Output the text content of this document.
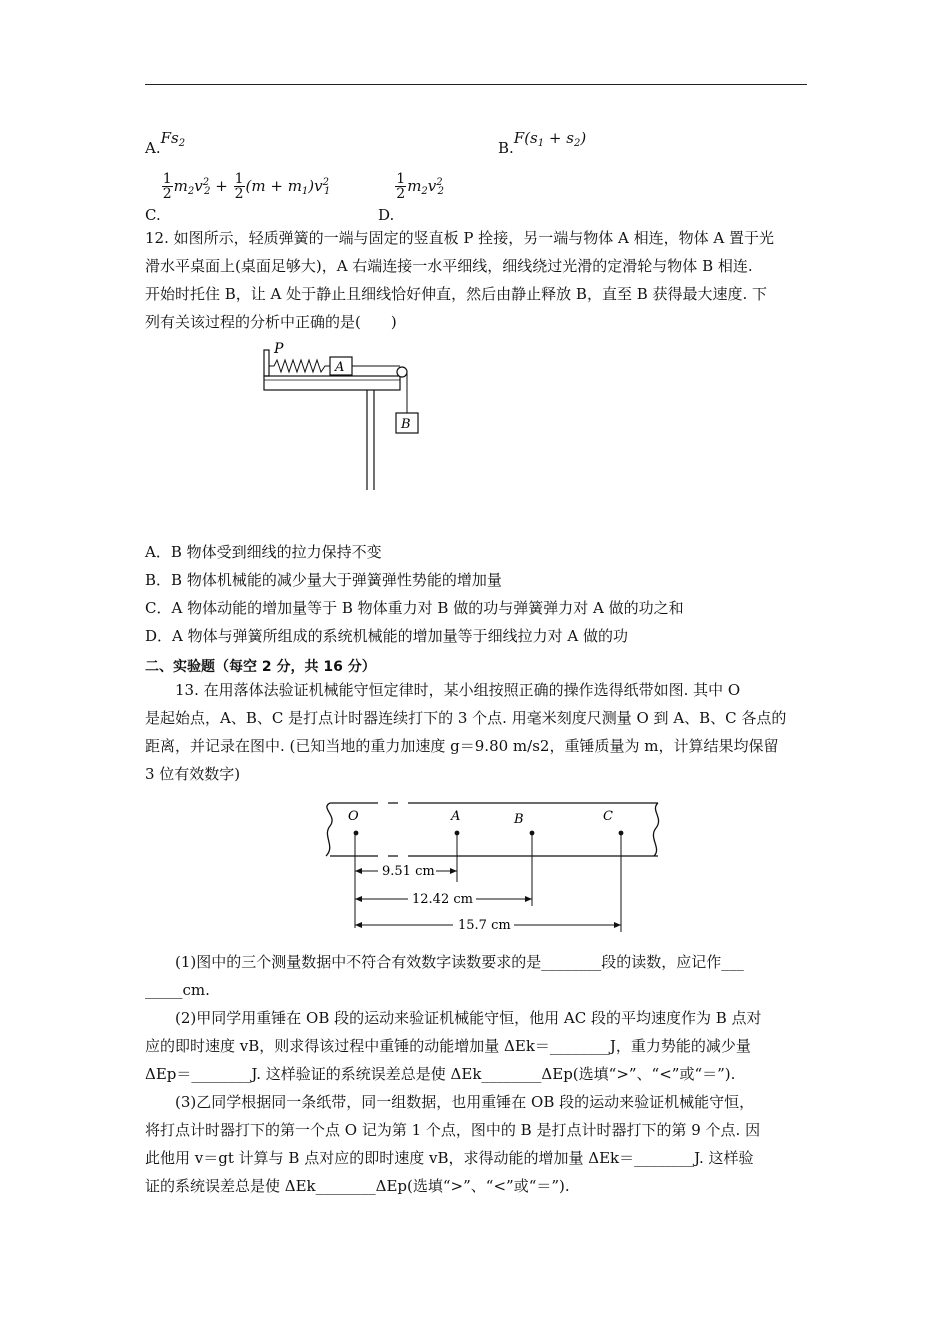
$A.Fs_2$	$B.F(s_1 + s_2)$
C.
$\frac{1}{2} m_2v^2_2 + \frac{1}{2} (m + m_1)v^2_1$
D.
$\frac{1}{2} m_2v^2_2$
12. 如图所示，轻质弹簧的一端与固定的竖直板 P 拴接，另一端与物体 A 相连，物体 A 置于光
滑水平桌面上(桌面足够大)，A 右端连接一水平细线，细线绕过光滑的定滑轮与物体 B 相连.
开始时托住 B，让 A 处于静止且细线恰好伸直，然后由静止释放 B，直至 B 获得最大速度. 下
列有关该过程的分析中正确的是(　　)
P
A
B
A．B 物体受到细线的拉力保持不变
B．B 物体机械能的减少量大于弹簧弹性势能的增加量
C．A 物体动能的增加量等于 B 物体重力对 B 做的功与弹簧弹力对 A 做的功之和
D．A 物体与弹簧所组成的系统机械能的增加量等于细线拉力对 A 做的功
二、实验题（每空 2 分，共 16 分）
13. 在用落体法验证机械能守恒定律时，某小组按照正确的操作选得纸带如图. 其中 O
是起始点，A、B、C 是打点计时器连续打下的 3 个点. 用毫米刻度尺测量 O 到 A、B、C 各点的
距离，并记录在图中. (已知当地的重力加速度 g＝9.80 m/s2，重锤质量为 m，计算结果均保留
3 位有效数字)
O	A	B	C
9.51 cm
12.42 cm
15.7 cm
(1)图中的三个测量数据中不符合有效数字读数要求的是________段的读数，应记作___
_____cm.
(2)甲同学用重锤在 OB 段的运动来验证机械能守恒，他用 AC 段的平均速度作为 B 点对
应的即时速度 vB，则求得该过程中重锤的动能增加量 ΔEk＝________J，重力势能的减少量
ΔEp＝________J. 这样验证的系统误差总是使 ΔEk________ΔEp(选填“>”、“<”或“＝”).
(3)乙同学根据同一条纸带，同一组数据，也用重锤在 OB 段的运动来验证机械能守恒，
将打点计时器打下的第一个点 O 记为第 1 个点，图中的 B 是打点计时器打下的第 9 个点. 因
此他用 v＝gt 计算与 B 点对应的即时速度 vB，求得动能的增加量 ΔEk＝________J. 这样验
证的系统误差总是使 ΔEk________ΔEp(选填“>”、“<”或“＝”).
